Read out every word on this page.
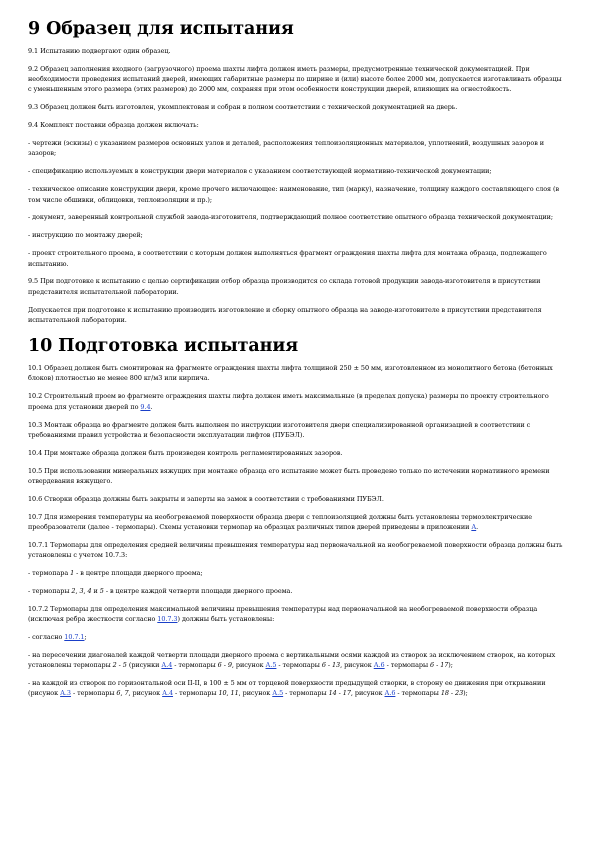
9 Образец для испытания

9.1 Испытанию подвергают один образец.

9.2 Образец заполнения входного (загрузочного) проема шахты лифта должен иметь размеры, предусмотренные технической документацией. При необходимости проведения испытаний дверей, имеющих габаритные размеры по ширине и (или) высоте более 2000 мм, допускается изготавливать образцы с уменьшенным этого размера (этих размеров) до 2000 мм, сохраняя при этом особенности конструкции дверей, влияющих на огнестойкость.

9.3 Образец должен быть изготовлен, укомплектован и собран в полном соответствии с технической документацией на дверь.

9.4 Комплект поставки образца должен включать:

- чертежи (эскизы) с указанием размеров основных узлов и деталей, расположения теплоизоляционных материалов, уплотнений, воздушных зазоров и зазоров;

- спецификацию используемых в конструкции двери материалов с указанием соответствующей нормативно-технической документации;

- техническое описание конструкции двери, кроме прочего включающее: наименование, тип (марку), назначение, толщину каждого составляющего слоя (в том числе обшивки, облицовки, теплоизоляции и пр.);

- документ, заверенный контрольной службой завода-изготовителя, подтверждающий полное соответствие опытного образца технической документации;

- инструкцию по монтажу дверей;

- проект строительного проема, в соответствии с которым должен выполняться фрагмент ограждения шахты лифта для монтажа образца, подлежащего испытанию.

9.5 При подготовке к испытанию с целью сертификации отбор образца производится со склада готовой продукции завода-изготовителя в присутствии представителя испытательной лаборатории.

Допускается при подготовке к испытанию производить изготовление и сборку опытного образца на заводе-изготовителе в присутствии представителя испытательной лаборатории.

10 Подготовка испытания

10.1 Образец должен быть смонтирован на фрагменте ограждения шахты лифта толщиной 250 ± 50 мм, изготовленном из монолитного бетона (бетонных блоков) плотностью не менее 800 кг/м3 или кирпича.

10.2 Строительный проем во фрагменте ограждения шахты лифта должен иметь максимальные (в пределах допуска) размеры по проекту строительного проема для установки дверей по 9.4.

10.3 Монтаж образца во фрагменте должен быть выполнен по инструкции изготовителя двери специализированной организацией в соответствии с требованиями правил устройства и безопасности эксплуатации лифтов (ПУБЭЛ).

10.4 При монтаже образца должен быть произведен контроль регламентированных зазоров.

10.5 При использовании минеральных вяжущих при монтаже образца его испытание может быть проведено только по истечении нормативного времени отвердевания вяжущего.

10.6 Створки образца должны быть закрыты и заперты на замок в соответствии с требованиями ПУБЭЛ.

10.7 Для измерения температуры на необогреваемой поверхности образца двери с теплоизоляцией должны быть установлены термоэлектрические преобразователи (далее - термопары). Схемы установки термопар на образцах различных типов дверей приведены в приложении А.

10.7.1 Термопары для определения средней величины превышения температуры над первоначальной на необогреваемой поверхности образца должны быть установлены с учетом 10.7.3:

- термопара 1 - в центре площади дверного проема;

- термопары 2, 3, 4 и 5 - в центре каждой четверти площади дверного проема.

10.7.2 Термопары для определения максимальной величины превышения температуры над первоначальной на необогреваемой поверхности образца (исключая ребра жесткости согласно 10.7.3) должны быть установлены:

- согласно 10.7.1;

- на пересечении диагоналей каждой четверти площади дверного проема с вертикальными осями каждой из створок за исключением створок, на которых установлены термопары 2 - 5 (рисунки А.4 - термопары 6 - 9, рисунок А.5 - термопары 6 - 13, рисунок А.6 - термопары 6 - 17);

- на каждой из створок по горизонтальной оси II-II, в 100 ± 5 мм от торцевой поверхности предыдущей створки, в сторону ее движения при открывании (рисунок А.3 - термопары 6, 7, рисунок А.4 - термопары 10, 11, рисунок А.5 - термопары 14 - 17, рисунок А.6 - термопары 18 - 23);
